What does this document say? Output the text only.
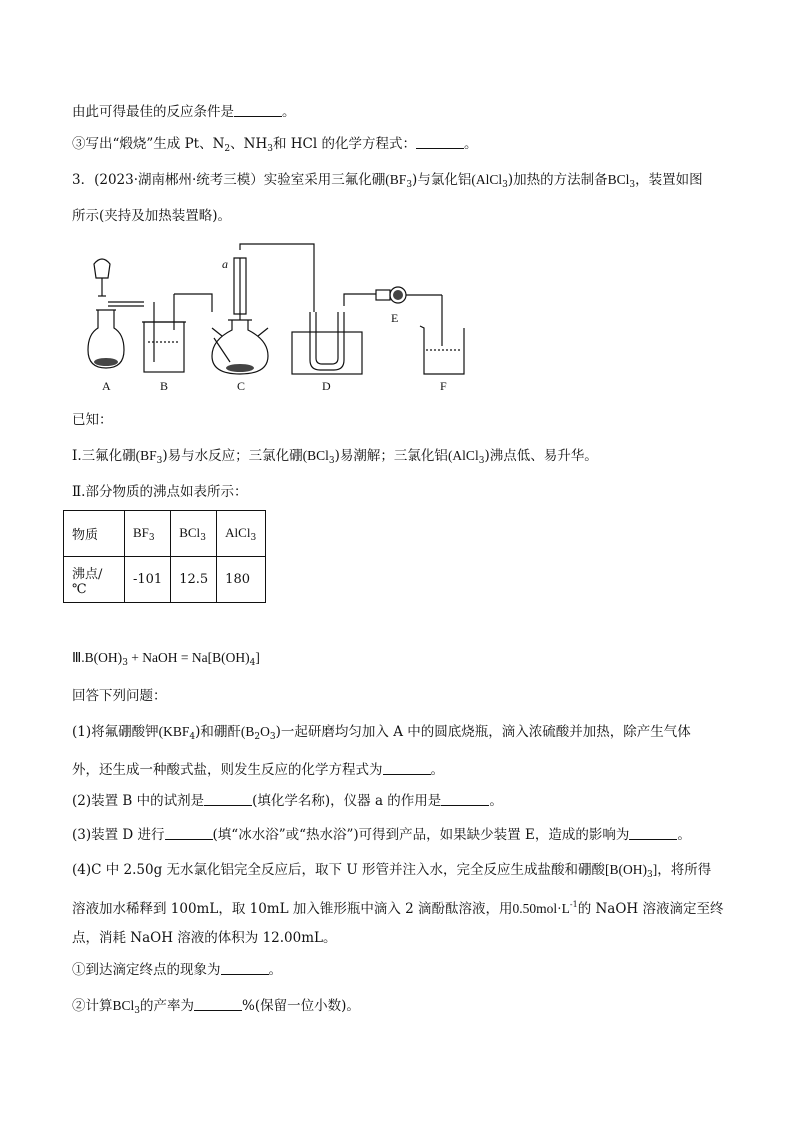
由此可得最佳的反应条件是	。
③写出“煅烧”生成 Pt、$N_2$、$NH_3$和 HCl 的化学方程式：	。
3．(2023·湖南郴州·统考三模）实验室采用三氟化硼$(BF_3)$与氯化铝(AlCl$_3$)加热的方法制备BCl$_3$，装置如图
所示(夹持及加热装置略)。
A	B	C	D
E
F
a
已知：
Ⅰ.三氟化硼$(BF_3)$易与水反应；三氯化硼(BCl$_3$)易潮解；三氯化铝(AlCl$_3$)沸点低、易升华。
Ⅱ.部分物质的沸点如表所示：
物质	$BF_3$	BCl$_3$	AlCl$_3$
沸点/℃	-101	12.5	180
$Ⅲ.B(OH)_3$ + NaOH = $Na[B(OH)_4]$
回答下列问题：
(1)将氟硼酸钾$(KBF_4)$和硼酐$(B_2O_3)$一起研磨均匀加入 A 中的圆底烧瓶，滴入浓硫酸并加热，除产生气体
外，还生成一种酸式盐，则发生反应的化学方程式为	。
(2)装置 B 中的试剂是	(填化学名称)，仪器 a 的作用是	。
(3)装置 D 进行	(填“冰水浴”或“热水浴”)可得到产品，如果缺少装置 E，造成的影响为	。
(4)C 中 2.50g 无水氯化铝完全反应后，取下 U 形管并注入水，完全反应生成盐酸和硼酸$[B(OH)_3]$，将所得
溶液加水稀释到 100mL，取 10mL 加入锥形瓶中滴入 2 滴酚酞溶液，用$0.50mol\cdot L^{-1}$的 NaOH 溶液滴定至终
点，消耗 NaOH 溶液的体积为 12.00mL。
①到达滴定终点的现象为	。
②计算BCl$_3$的产率为	%(保留一位小数)。
